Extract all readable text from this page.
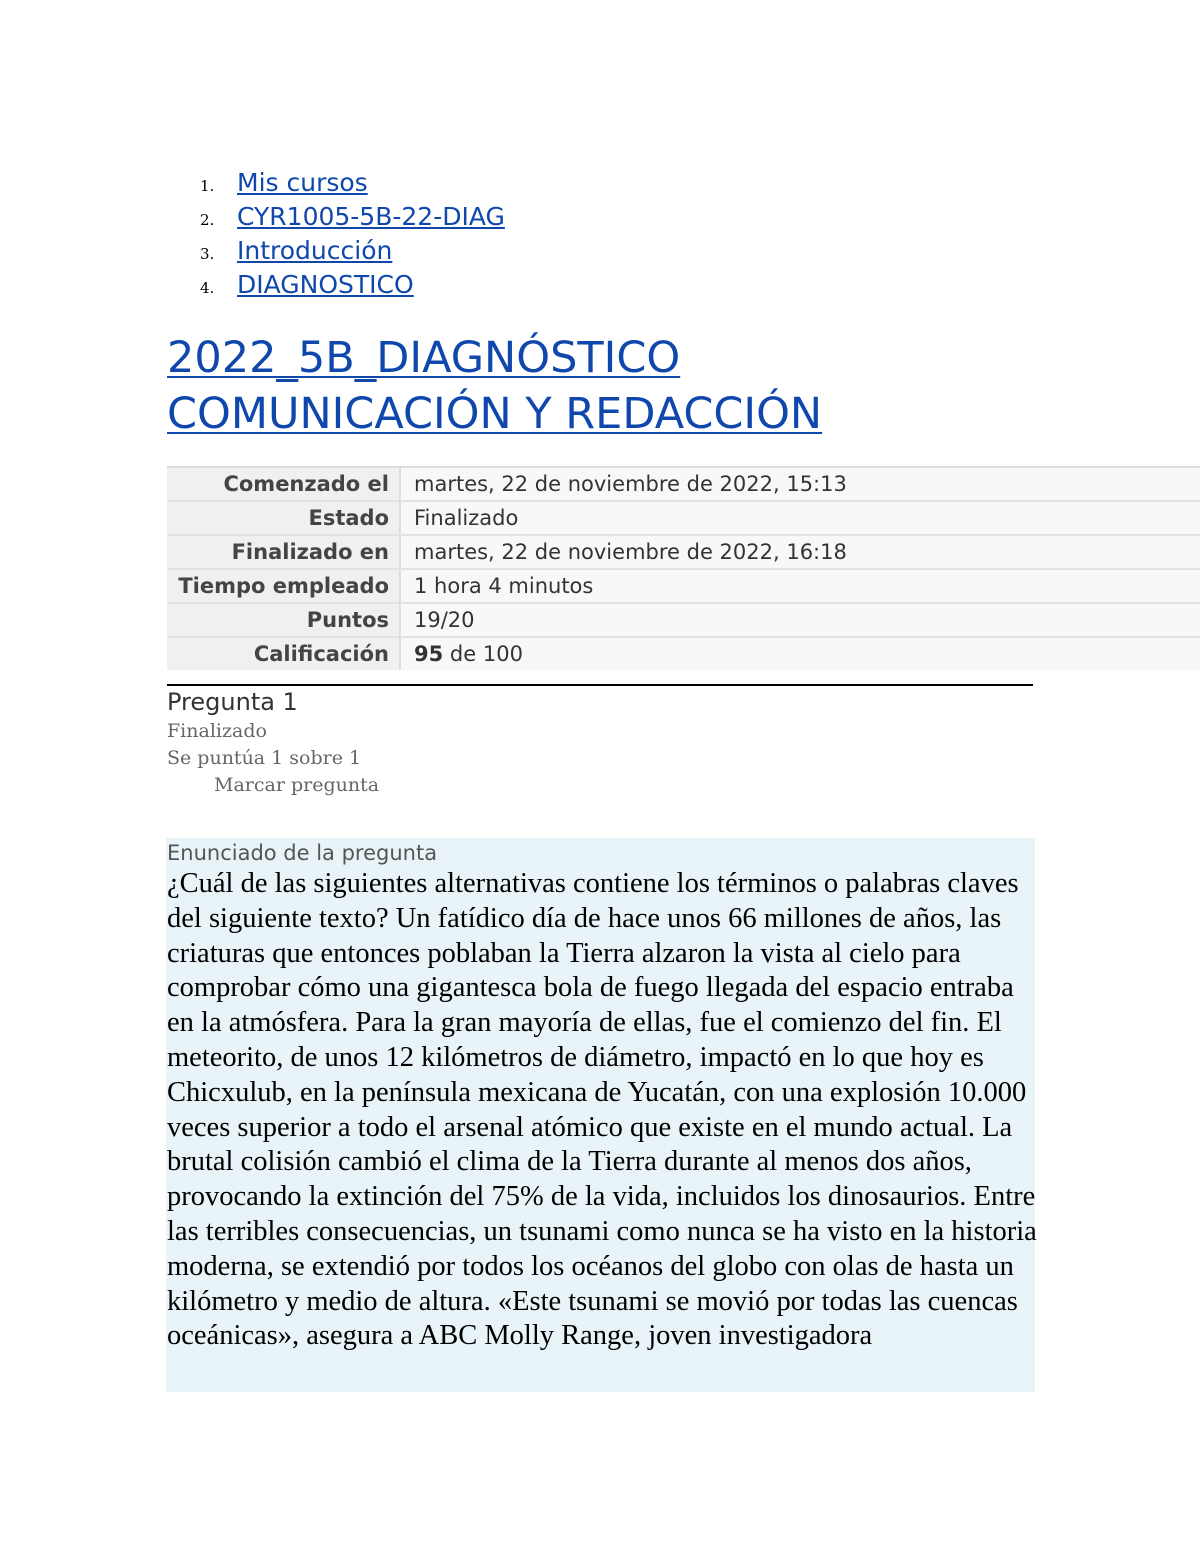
1. Mis cursos
2. CYR1005-5B-22-DIAG
3. Introducción
4. DIAGNOSTICO
2022_5B_DIAGNÓSTICO
COMUNICACIÓN Y REDACCIÓN
Comenzado el	martes, 22 de noviembre de 2022, 15:13
Estado	Finalizado
Finalizado en	martes, 22 de noviembre de 2022, 16:18
Tiempo empleado	1 hora 4 minutos
Puntos	19/20
Calificación	95 de 100
Pregunta 1
Finalizado
Se puntúa 1 sobre 1
Marcar pregunta
Enunciado de la pregunta

¿Cuál de las siguientes alternativas contiene los términos o palabras claves del siguiente texto? Un fatídico día de hace unos 66 millones de años, las criaturas que entonces poblaban la Tierra alzaron la vista al cielo para comprobar cómo una gigantesca bola de fuego llegada del espacio entraba en la atmósfera. Para la gran mayoría de ellas, fue el comienzo del fin. El meteorito, de unos 12 kilómetros de diámetro, impactó en lo que hoy es Chicxulub, en la península mexicana de Yucatán, con una explosión 10.000 veces superior a todo el arsenal atómico que existe en el mundo actual. La brutal colisión cambió el clima de la Tierra durante al menos dos años, provocando la extinción del 75% de la vida, incluidos los dinosaurios. Entre las terribles consecuencias, un tsunami como nunca se ha visto en la historia moderna, se extendió por todos los océanos del globo con olas de hasta un kilómetro y medio de altura. «Este tsunami se movió por todas las cuencas oceánicas», asegura a ABC Molly Range, joven investigadora
